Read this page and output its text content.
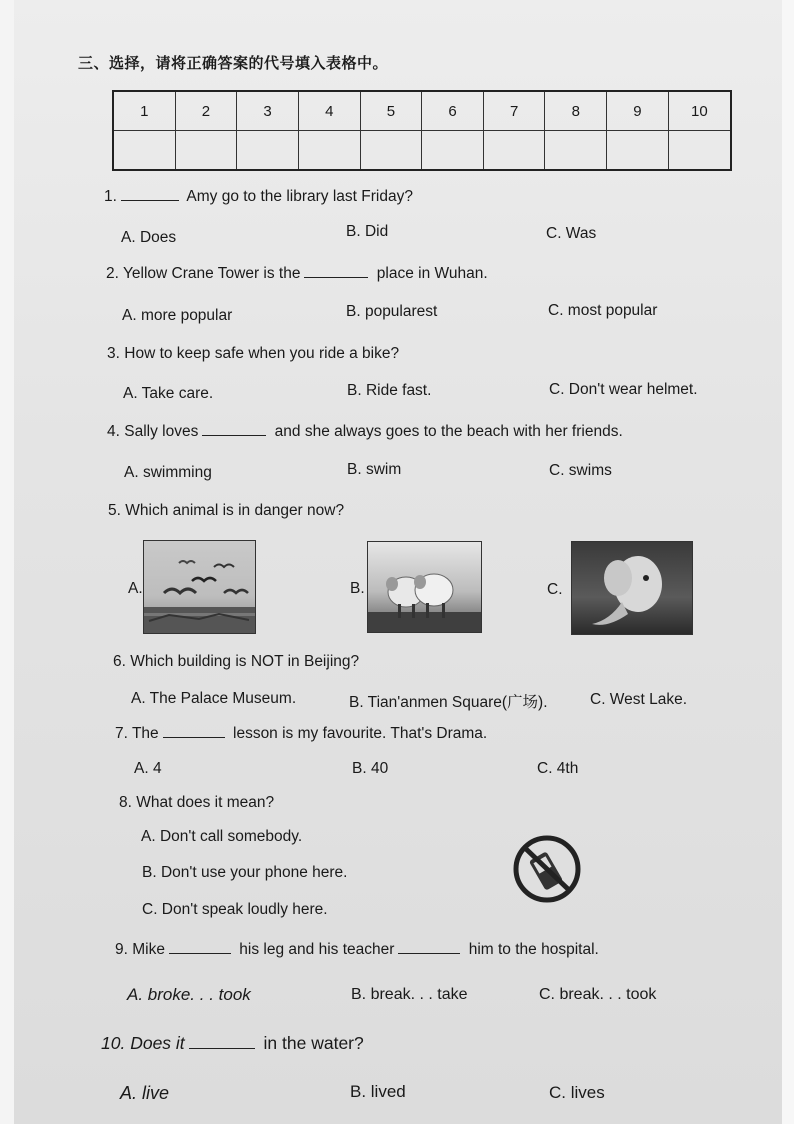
三、选择，请将正确答案的代号填入表格中。
1	2	3	4	5	6	7	8	9	10

1.	Amy go to the library last Friday?
A. Does	B. Did	C. Was
2. Yellow Crane Tower is the	place in Wuhan.
A. more popular	B. popularest	C. most popular
3. How to keep safe when you ride a bike?
A. Take care.	B. Ride fast.	C. Don't wear helmet.
4. Sally loves	and she always goes to the beach with her friends.
A. swimming	B. swim	C. swims
5. Which animal is in danger now?
A.	B.	C.
6. Which building is NOT in Beijing?
A. The Palace Museum.	B. Tian'anmen Square(广场).	C. West Lake.
7. The	lesson is my favourite. That's Drama.
A. 4	B. 40	C. 4th
8. What does it mean?
A. Don't call somebody.
B. Don't use your phone here.
C. Don't speak loudly here.
9. Mike	his leg and his teacher	him to the hospital.
A. broke. . . took	B. break. . . take	C. break. . . took
10. Does it	in the water?
A. live	B. lived	C. lives
